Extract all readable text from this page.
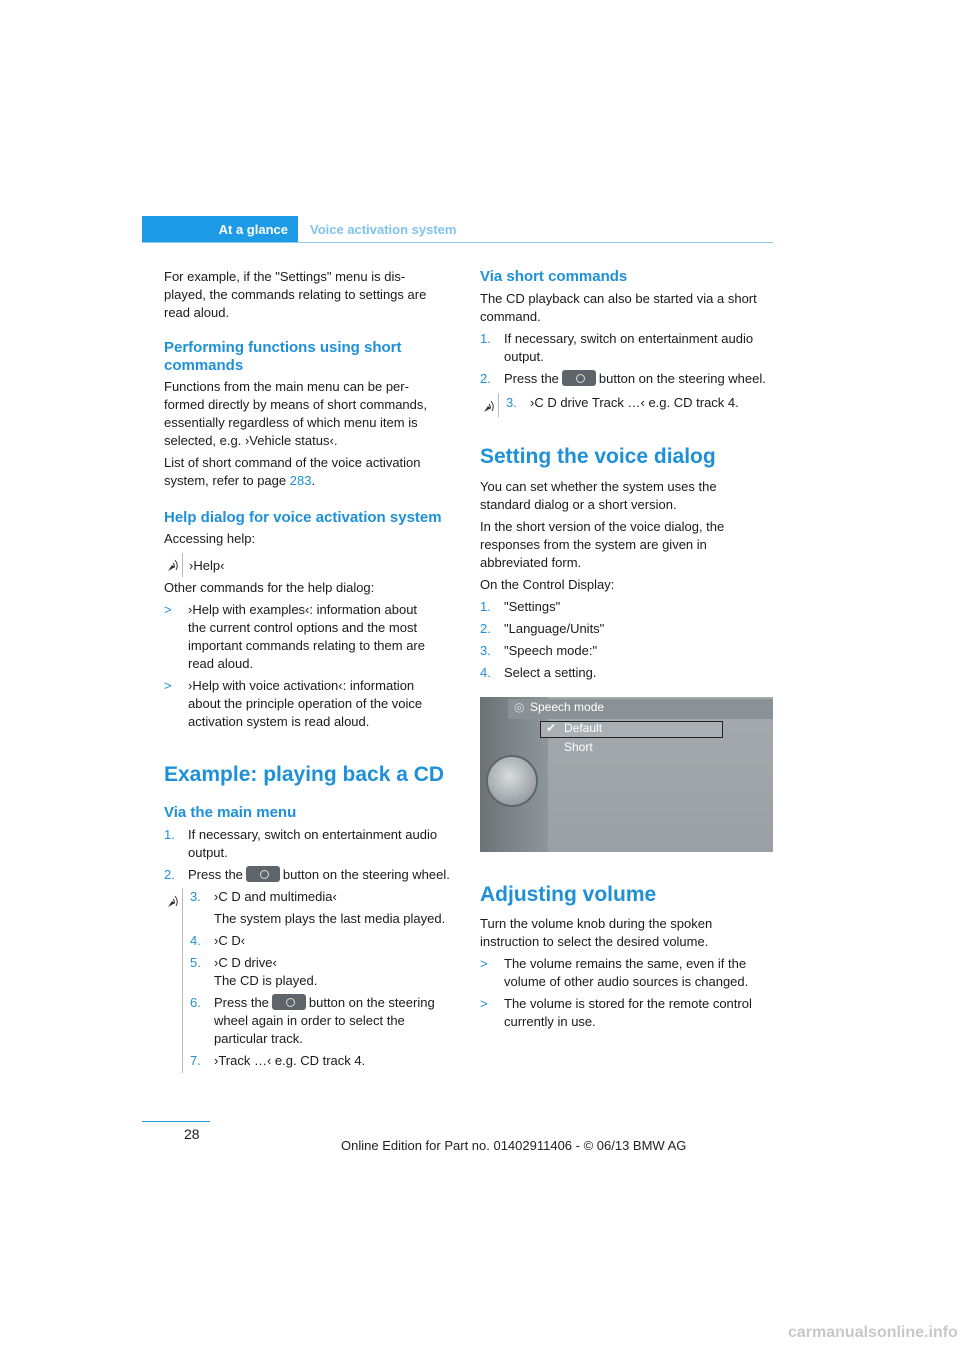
At a glance Voice activation system

For example, if the "Settings" menu is dis-

played, the commands relating to settings are

read aloud.

Performing functions using short
commands

Functions from the main menu can be per-

formed directly by means of short commands,

essentially regardless of which menu item is

selected, e.g. ›Vehicle status‹.

List of short command of the voice activation

system, refer to page 283.

Help dialog for voice activation system

Accessing help:

›Help‹

Other commands for the help dialog:

>	›Help with examples‹: information about
the current control options and the most
important commands relating to them are
read aloud.
>	›Help with voice activation‹: information
about the principle operation of the voice
activation system is read aloud.
Example: playing back a CD
Via the main menu
1.	If necessary, switch on entertainment audio
output.
2.	Press the	button on the steering wheel.
3.	›C D and multimedia‹
The system plays the last media played.
4.	›C D‹
5.	›C D drive‹
The CD is played.
6.	Press the	button on the steering
wheel again in order to select the
particular track.
7.	›Track …‹ e.g. CD track 4.
Via short commands

The CD playback can also be started via a short

command.

1.	If necessary, switch on entertainment audio
output.
2.	Press the	button on the steering wheel.
3.	›C D drive Track …‹ e.g. CD track 4.
Setting the voice dialog

You can set whether the system uses the

standard dialog or a short version.

In the short version of the voice dialog, the

responses from the system are given in

abbreviated form.

On the Control Display:

1.	"Settings"
2.	"Language/Units"
3.	"Speech mode:"
4.	Select a setting.
◎ Speech mode
✔ Default
Short
Adjusting volume

Turn the volume knob during the spoken

instruction to select the desired volume.

>	The volume remains the same, even if the
volume of other audio sources is changed.
>	The volume is stored for the remote control
currently in use.
28
Online Edition for Part no. 01402911406 - © 06/13 BMW AG
carmanualsonline.info
